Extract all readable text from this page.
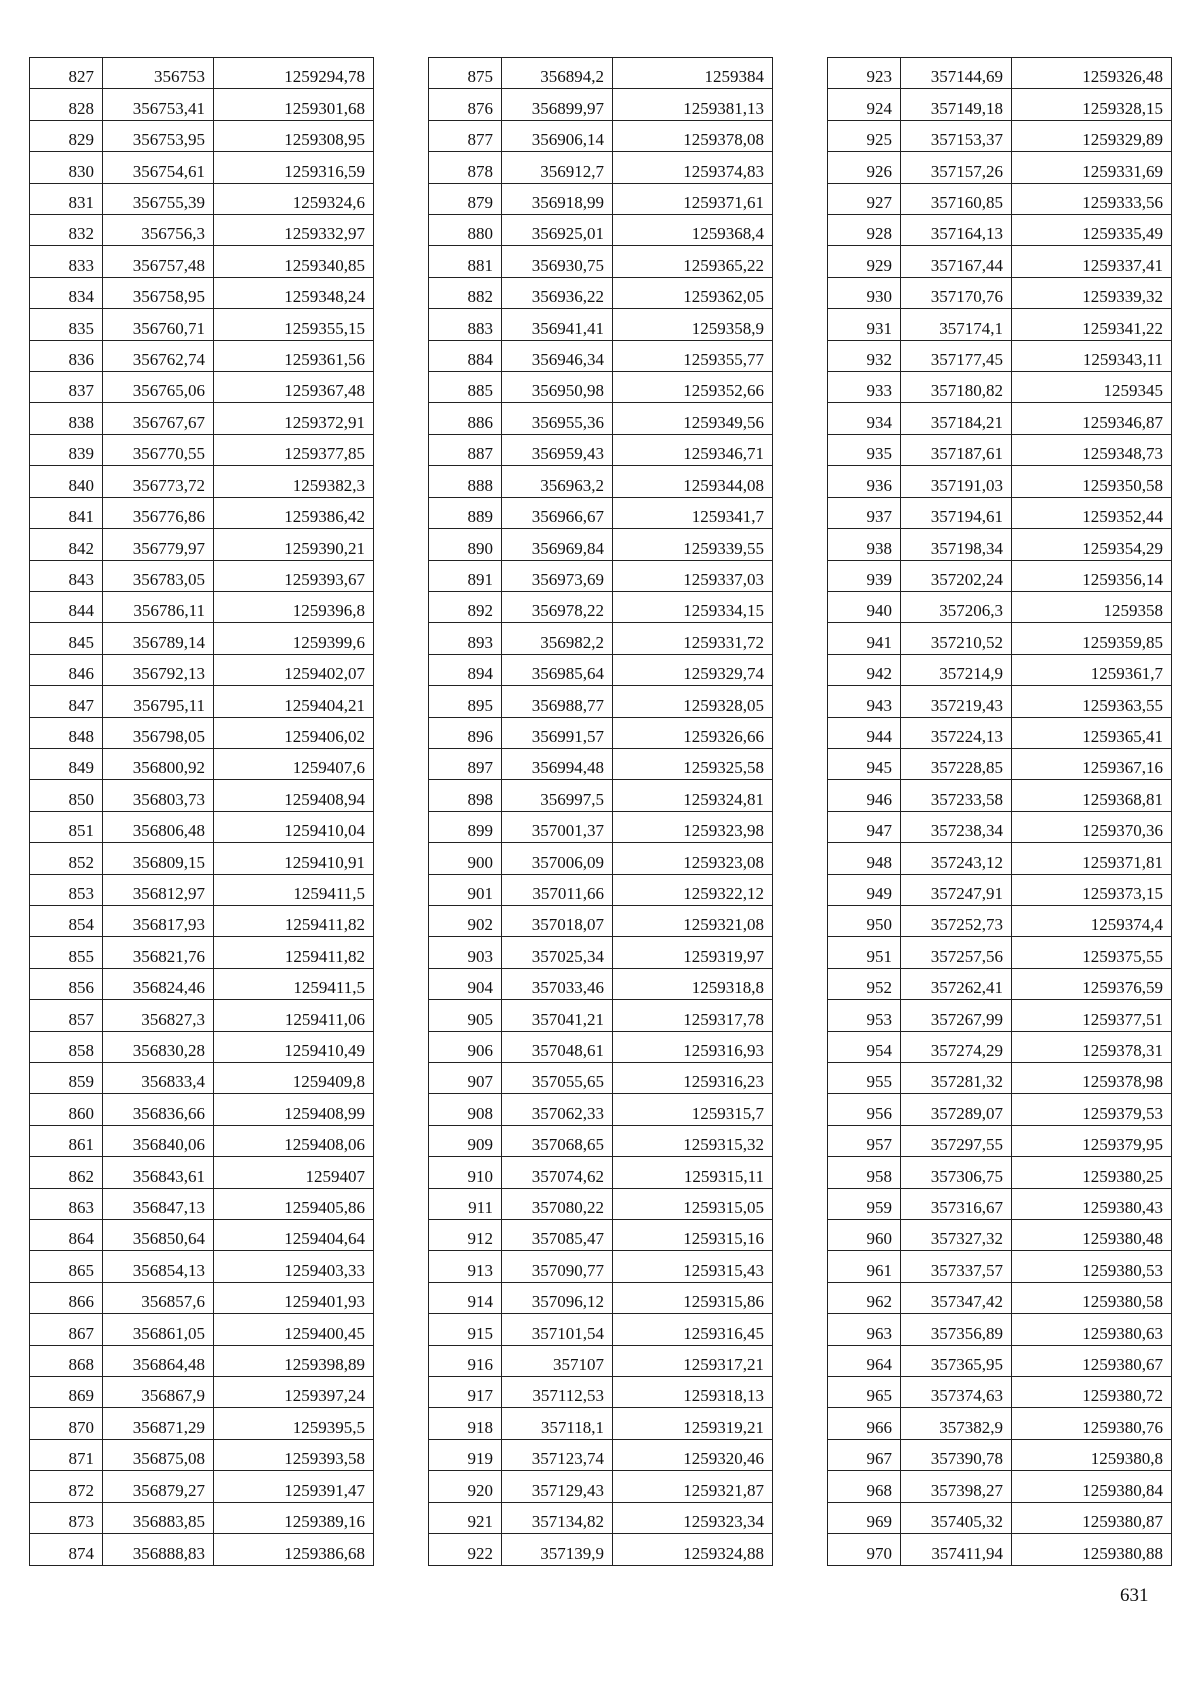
827	356753	1259294,78
828	356753,41	1259301,68
829	356753,95	1259308,95
830	356754,61	1259316,59
831	356755,39	1259324,6
832	356756,3	1259332,97
833	356757,48	1259340,85
834	356758,95	1259348,24
835	356760,71	1259355,15
836	356762,74	1259361,56
837	356765,06	1259367,48
838	356767,67	1259372,91
839	356770,55	1259377,85
840	356773,72	1259382,3
841	356776,86	1259386,42
842	356779,97	1259390,21
843	356783,05	1259393,67
844	356786,11	1259396,8
845	356789,14	1259399,6
846	356792,13	1259402,07
847	356795,11	1259404,21
848	356798,05	1259406,02
849	356800,92	1259407,6
850	356803,73	1259408,94
851	356806,48	1259410,04
852	356809,15	1259410,91
853	356812,97	1259411,5
854	356817,93	1259411,82
855	356821,76	1259411,82
856	356824,46	1259411,5
857	356827,3	1259411,06
858	356830,28	1259410,49
859	356833,4	1259409,8
860	356836,66	1259408,99
861	356840,06	1259408,06
862	356843,61	1259407
863	356847,13	1259405,86
864	356850,64	1259404,64
865	356854,13	1259403,33
866	356857,6	1259401,93
867	356861,05	1259400,45
868	356864,48	1259398,89
869	356867,9	1259397,24
870	356871,29	1259395,5
871	356875,08	1259393,58
872	356879,27	1259391,47
873	356883,85	1259389,16
874	356888,83	1259386,68
875	356894,2	1259384
876	356899,97	1259381,13
877	356906,14	1259378,08
878	356912,7	1259374,83
879	356918,99	1259371,61
880	356925,01	1259368,4
881	356930,75	1259365,22
882	356936,22	1259362,05
883	356941,41	1259358,9
884	356946,34	1259355,77
885	356950,98	1259352,66
886	356955,36	1259349,56
887	356959,43	1259346,71
888	356963,2	1259344,08
889	356966,67	1259341,7
890	356969,84	1259339,55
891	356973,69	1259337,03
892	356978,22	1259334,15
893	356982,2	1259331,72
894	356985,64	1259329,74
895	356988,77	1259328,05
896	356991,57	1259326,66
897	356994,48	1259325,58
898	356997,5	1259324,81
899	357001,37	1259323,98
900	357006,09	1259323,08
901	357011,66	1259322,12
902	357018,07	1259321,08
903	357025,34	1259319,97
904	357033,46	1259318,8
905	357041,21	1259317,78
906	357048,61	1259316,93
907	357055,65	1259316,23
908	357062,33	1259315,7
909	357068,65	1259315,32
910	357074,62	1259315,11
911	357080,22	1259315,05
912	357085,47	1259315,16
913	357090,77	1259315,43
914	357096,12	1259315,86
915	357101,54	1259316,45
916	357107	1259317,21
917	357112,53	1259318,13
918	357118,1	1259319,21
919	357123,74	1259320,46
920	357129,43	1259321,87
921	357134,82	1259323,34
922	357139,9	1259324,88
923	357144,69	1259326,48
924	357149,18	1259328,15
925	357153,37	1259329,89
926	357157,26	1259331,69
927	357160,85	1259333,56
928	357164,13	1259335,49
929	357167,44	1259337,41
930	357170,76	1259339,32
931	357174,1	1259341,22
932	357177,45	1259343,11
933	357180,82	1259345
934	357184,21	1259346,87
935	357187,61	1259348,73
936	357191,03	1259350,58
937	357194,61	1259352,44
938	357198,34	1259354,29
939	357202,24	1259356,14
940	357206,3	1259358
941	357210,52	1259359,85
942	357214,9	1259361,7
943	357219,43	1259363,55
944	357224,13	1259365,41
945	357228,85	1259367,16
946	357233,58	1259368,81
947	357238,34	1259370,36
948	357243,12	1259371,81
949	357247,91	1259373,15
950	357252,73	1259374,4
951	357257,56	1259375,55
952	357262,41	1259376,59
953	357267,99	1259377,51
954	357274,29	1259378,31
955	357281,32	1259378,98
956	357289,07	1259379,53
957	357297,55	1259379,95
958	357306,75	1259380,25
959	357316,67	1259380,43
960	357327,32	1259380,48
961	357337,57	1259380,53
962	357347,42	1259380,58
963	357356,89	1259380,63
964	357365,95	1259380,67
965	357374,63	1259380,72
966	357382,9	1259380,76
967	357390,78	1259380,8
968	357398,27	1259380,84
969	357405,32	1259380,87
970	357411,94	1259380,88
631
